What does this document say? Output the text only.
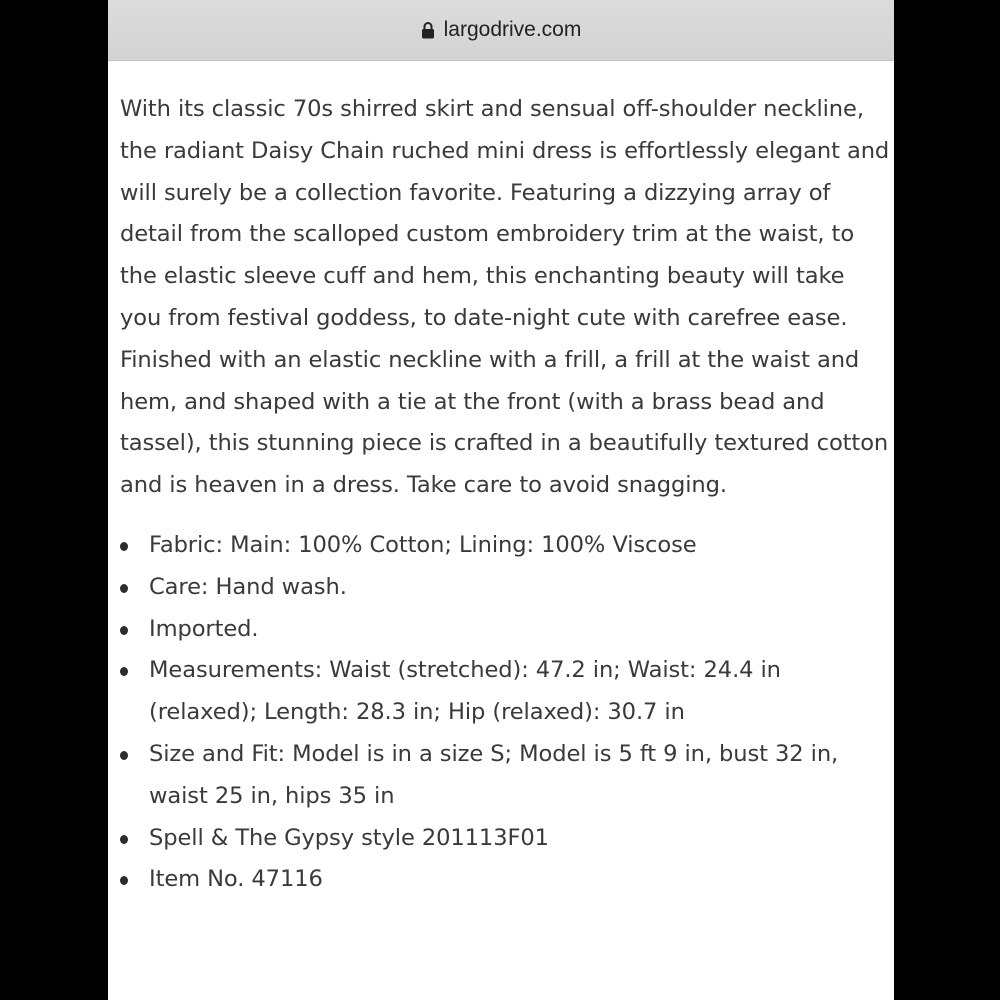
largodrive.com

With its classic 70s shirred skirt and sensual off-shoulder neckline, the radiant Daisy Chain ruched mini dress is effortlessly elegant and will surely be a collection favorite. Featuring a dizzying array of detail from the scalloped custom embroidery trim at the waist, to the elastic sleeve cuff and hem, this enchanting beauty will take you from festival goddess, to date-night cute with carefree ease. Finished with an elastic neckline with a frill, a frill at the waist and hem, and shaped with a tie at the front (with a brass bead and tassel), this stunning piece is crafted in a beautifully textured cotton and is heaven in a dress. Take care to avoid snagging.

Fabric: Main: 100% Cotton; Lining: 100% Viscose
Care: Hand wash.
Imported.
Measurements: Waist (stretched): 47.2 in; Waist: 24.4 in (relaxed); Length: 28.3 in; Hip (relaxed): 30.7 in
Size and Fit: Model is in a size S; Model is 5 ft 9 in, bust 32 in, waist 25 in, hips 35 in
Spell & The Gypsy style 201113F01
Item No. 47116
